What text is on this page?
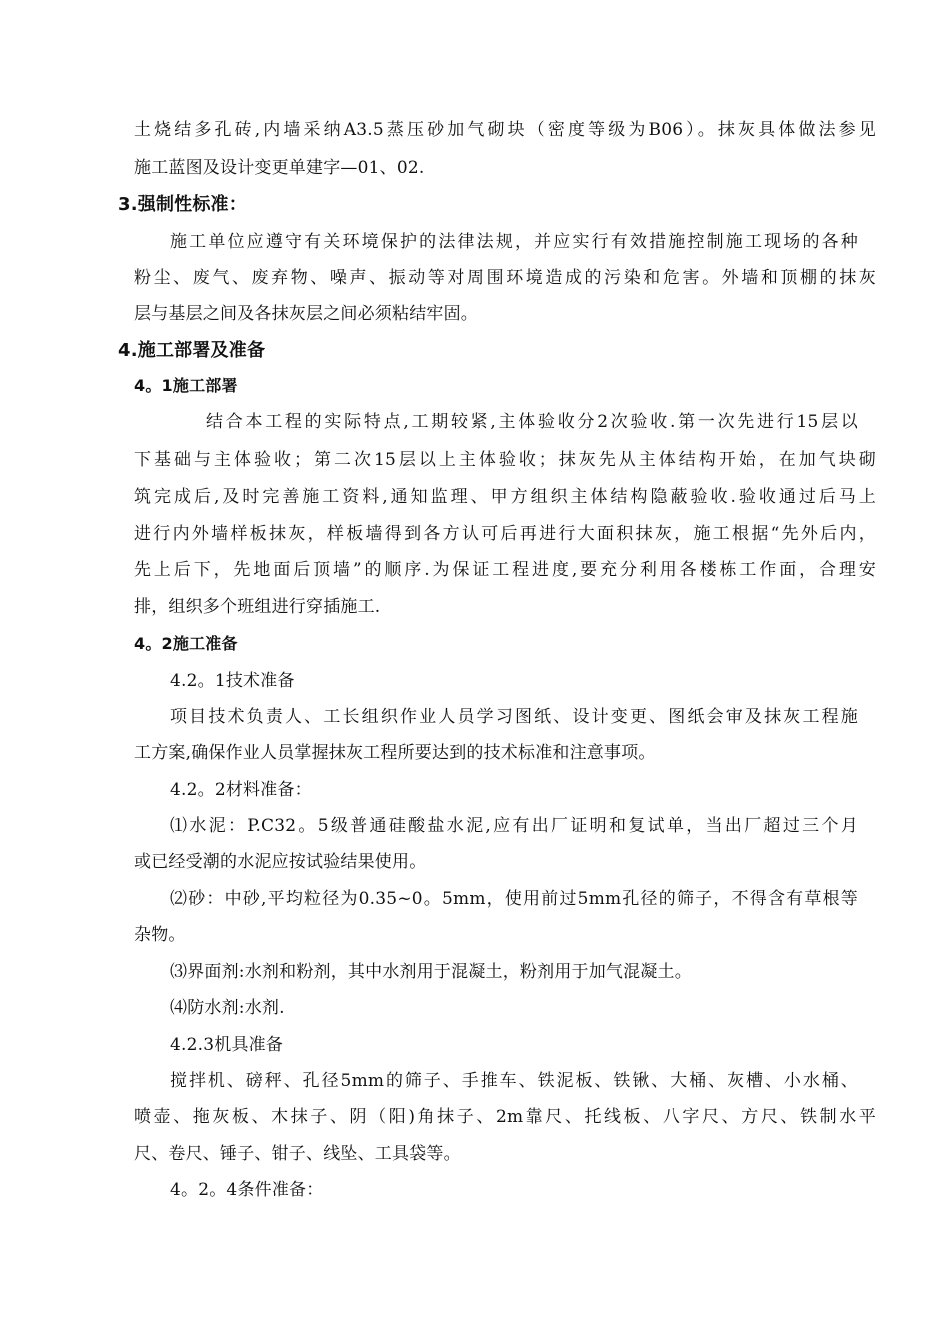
土烧结多孔砖,内墙采纳A3.5蒸压砂加气砌块（密度等级为B06）。抹灰具体做法参见
施工蓝图及设计变更单建字—01、02.
3.强制性标准：
施工单位应遵守有关环境保护的法律法规，并应实行有效措施控制施工现场的各种
粉尘、废气、废弃物、噪声、振动等对周围环境造成的污染和危害。外墙和顶棚的抹灰
层与基层之间及各抹灰层之间必须粘结牢固。
4.施工部署及准备
4。1施工部署
结合本工程的实际特点,工期较紧,主体验收分2次验收.第一次先进行15层以
下基础与主体验收；第二次15层以上主体验收；抹灰先从主体结构开始，在加气块砌
筑完成后,及时完善施工资料,通知监理、甲方组织主体结构隐蔽验收.验收通过后马上
进行内外墙样板抹灰，样板墙得到各方认可后再进行大面积抹灰，施工根据“先外后内，
先上后下，先地面后顶墙”的顺序.为保证工程进度,要充分利用各楼栋工作面，合理安
排，组织多个班组进行穿插施工.
4。2施工准备
4.2。1技术准备
项目技术负责人、工长组织作业人员学习图纸、设计变更、图纸会审及抹灰工程施
工方案,确保作业人员掌握抹灰工程所要达到的技术标准和注意事项。
4.2。2材料准备：
⑴水泥：P.C32。5级普通硅酸盐水泥,应有出厂证明和复试单，当出厂超过三个月
或已经受潮的水泥应按试验结果使用。
⑵砂：中砂,平均粒径为0.35~0。5mm，使用前过5mm孔径的筛子，不得含有草根等
杂物。
⑶界面剂:水剂和粉剂，其中水剂用于混凝土，粉剂用于加气混凝土。
⑷防水剂:水剂.
4.2.3机具准备
搅拌机、磅秤、孔径5mm的筛子、手推车、铁泥板、铁锹、大桶、灰槽、小水桶、
喷壶、拖灰板、木抹子、阴（阳)角抹子、2m靠尺、托线板、八字尺、方尺、铁制水平
尺、卷尺、锤子、钳子、线坠、工具袋等。
4。2。4条件准备：
